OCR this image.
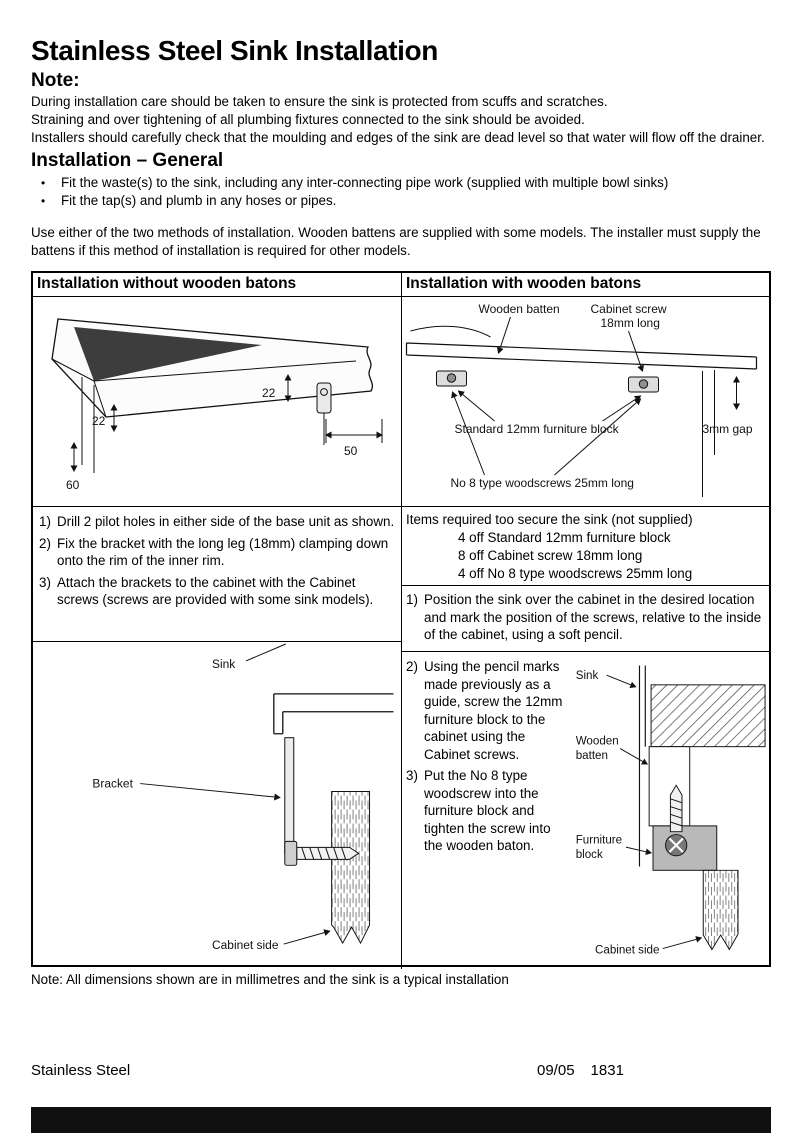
Stainless Steel Sink Installation
Note:

During installation care should be taken to ensure the sink is protected from scuffs and scratches.
Straining and over tightening of all plumbing fixtures connected to the sink should be avoided.
Installers should carefully check that the moulding and edges of the sink are dead level so that water will flow off the drainer.

Installation – General
• Fit the waste(s) to the sink, including any inter-connecting pipe work (supplied with multiple bowl sinks)
• Fit the tap(s) and plumb in any hoses or pipes.

Use either of the two methods of installation. Wooden battens are supplied with some models. The installer must supply the battens if this method of installation is required for other models.

Installation without wooden batons
22
50
22
60
1) Drill 2 pilot holes in either side of the base unit as shown.
2) Fix the bracket with the long leg (18mm) clamping down onto the rim of the inner rim.
3) Attach the brackets to the cabinet with the Cabinet screws (screws are provided with some sink models).
Sink
Bracket
Cabinet side
Installation with wooden batons
Wooden batten	Cabinet screw
18mm long
Standard 12mm furniture block	3mm gap
No 8 type woodscrews 25mm long
Items required too secure the sink (not supplied)
4 off Standard 12mm furniture block
8 off Cabinet screw 18mm long
4 off No 8 type woodscrews 25mm long
1) Position the sink over the cabinet in the desired location and mark the position of the screws, relative to the inside of the cabinet, using a soft pencil.
2) Using the pencil marks made previously as a guide, screw the 12mm furniture block to the cabinet using the Cabinet screws.
3) Put the No 8 type woodscrew into the furniture block and tighten the screw into the wooden baton.
Sink
Wooden
batten
Furniture
block
Cabinet side

Note: All dimensions shown are in millimetres and the sink is a typical installation

Stainless Steel	09/05 1831
